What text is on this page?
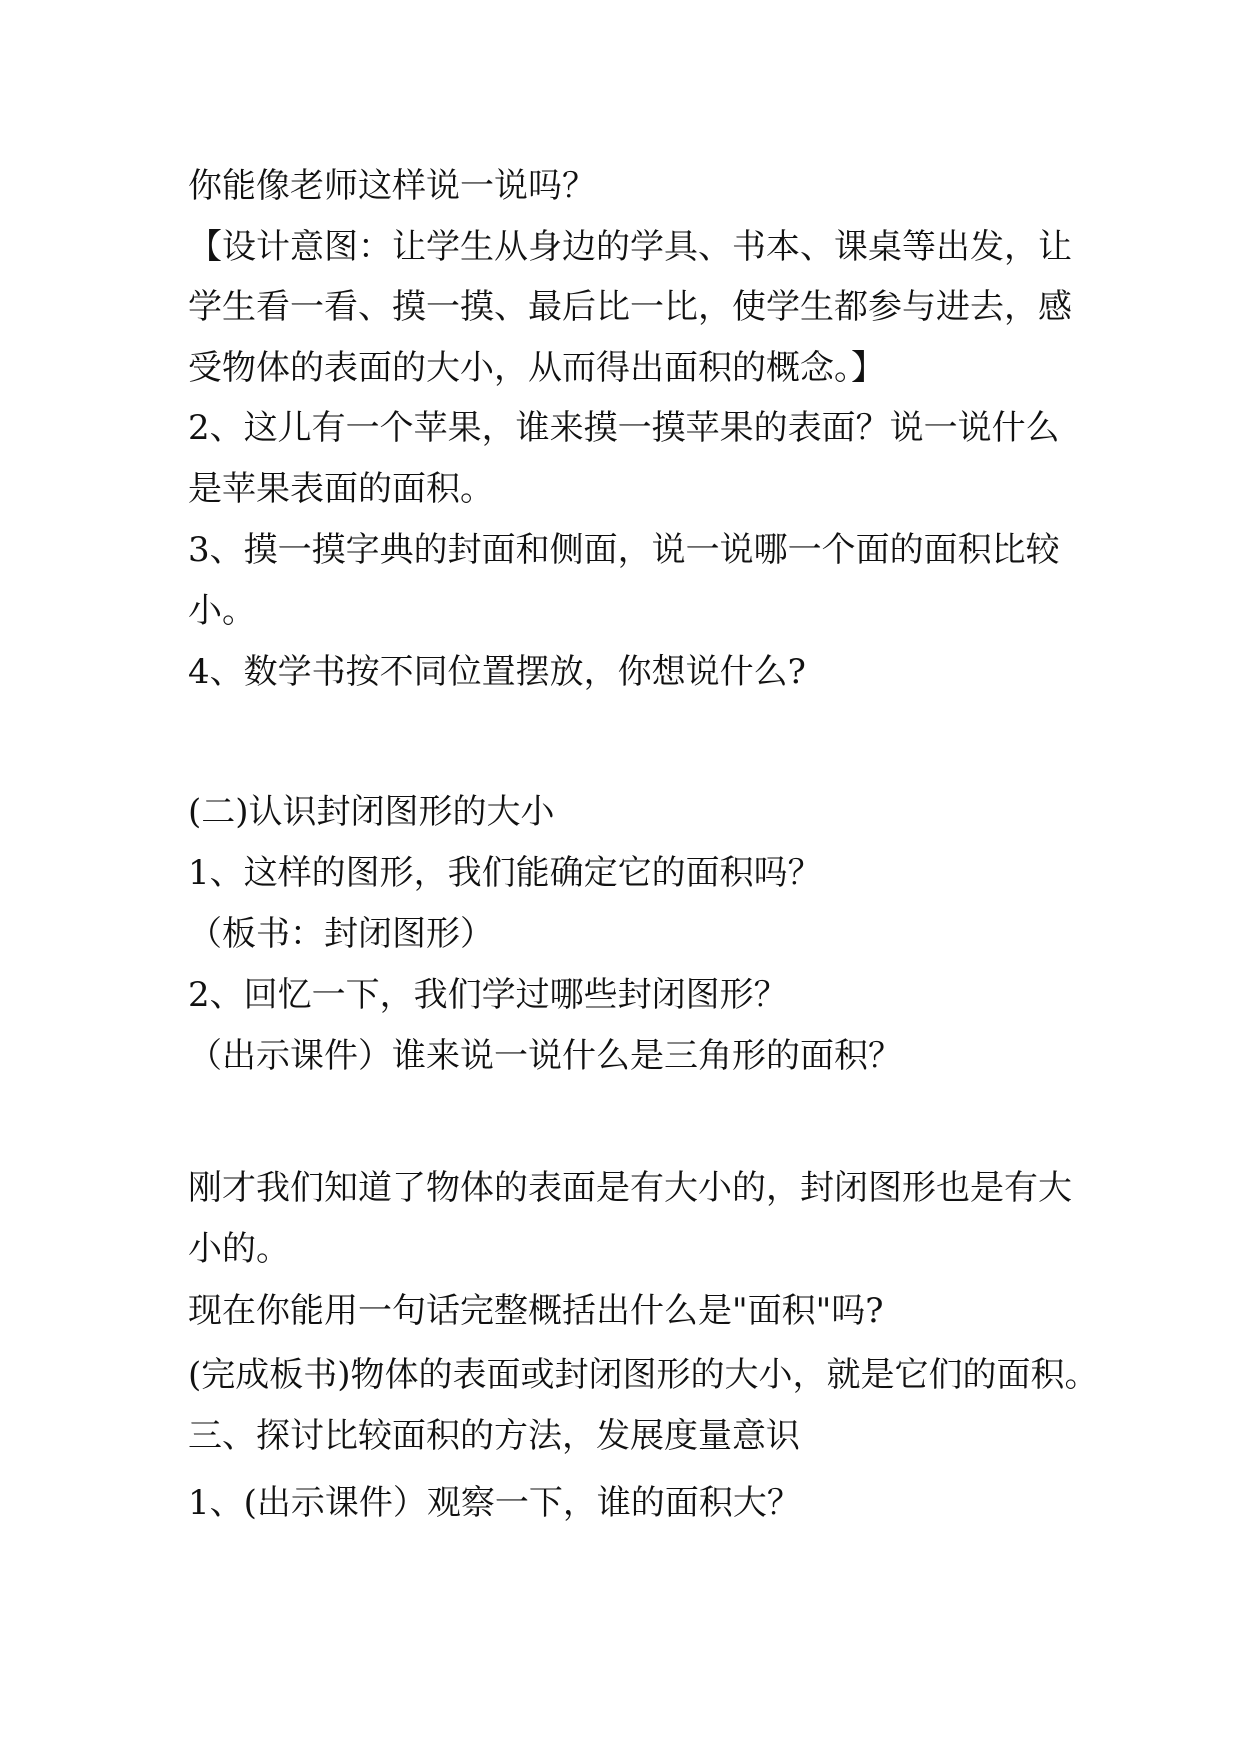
你能像老师这样说一说吗？
【设计意图：让学生从身边的学具、书本、课桌等出发，让
学生看一看、摸一摸、最后比一比，使学生都参与进去，感
受物体的表面的大小，从而得出面积的概念。】
2、这儿有一个苹果，谁来摸一摸苹果的表面？说一说什么
是苹果表面的面积。
3、摸一摸字典的封面和侧面，说一说哪一个面的面积比较
小。
4、数学书按不同位置摆放，你想说什么?
(二)认识封闭图形的大小
1、这样的图形，我们能确定它的面积吗？
（板书：封闭图形）
2、回忆一下，我们学过哪些封闭图形？
（出示课件）谁来说一说什么是三角形的面积？
刚才我们知道了物体的表面是有大小的，封闭图形也是有大
小的。
现在你能用一句话完整概括出什么是"面积"吗?
(完成板书)物体的表面或封闭图形的大小，就是它们的面积。
三、探讨比较面积的方法，发展度量意识
1、(出示课件）观察一下，谁的面积大？
